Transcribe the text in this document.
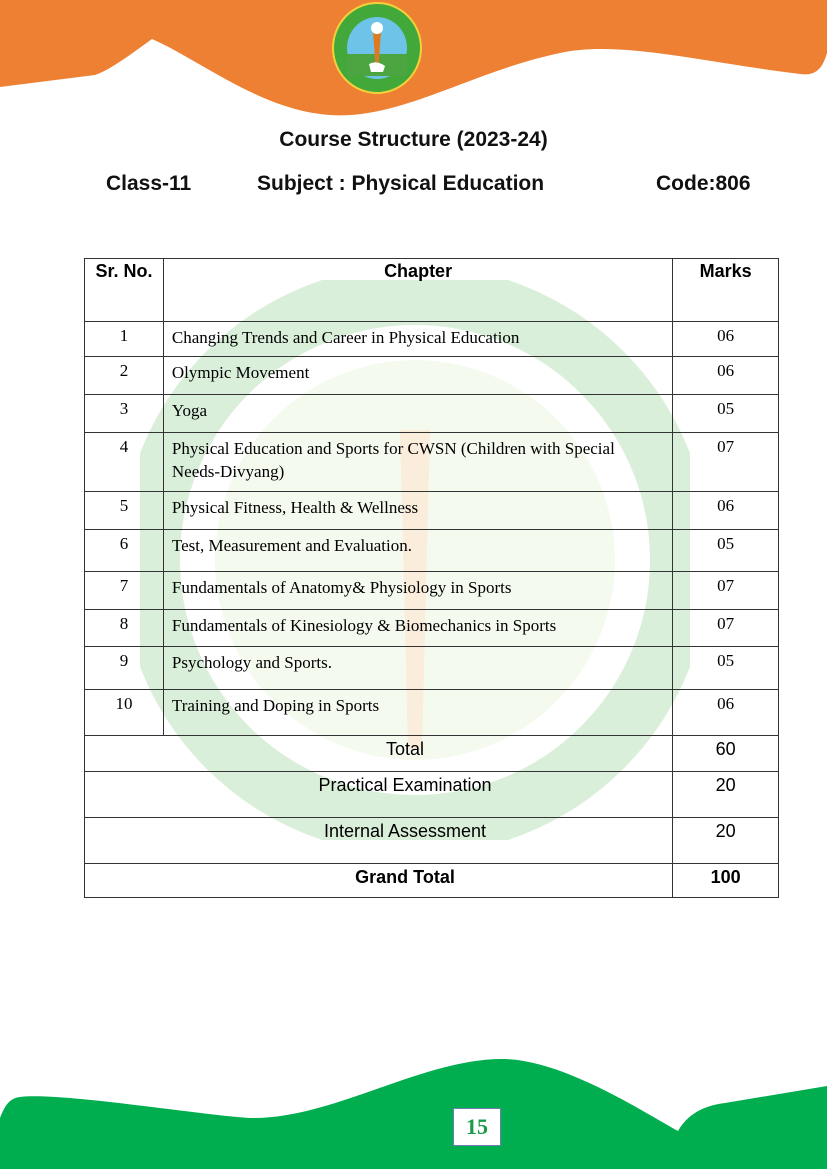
Course Structure (2023-24)
Class-11	Subject : Physical Education	Code:806
Sr. No.	Chapter	Marks
1	Changing Trends and Career in Physical Education	06
2	Olympic Movement	06
3	Yoga	05
4	Physical Education and Sports for CWSN (Children with Special Needs-Divyang)	07
5	Physical Fitness, Health & Wellness	06
6	Test, Measurement and Evaluation.	05
7	Fundamentals of Anatomy& Physiology in Sports	07
8	Fundamentals of Kinesiology & Biomechanics in Sports	07
9	Psychology and Sports.	05
10	Training and Doping in Sports	06

Total		60

Practical Examination		20

Internal Assessment		20

Grand Total		100
15
